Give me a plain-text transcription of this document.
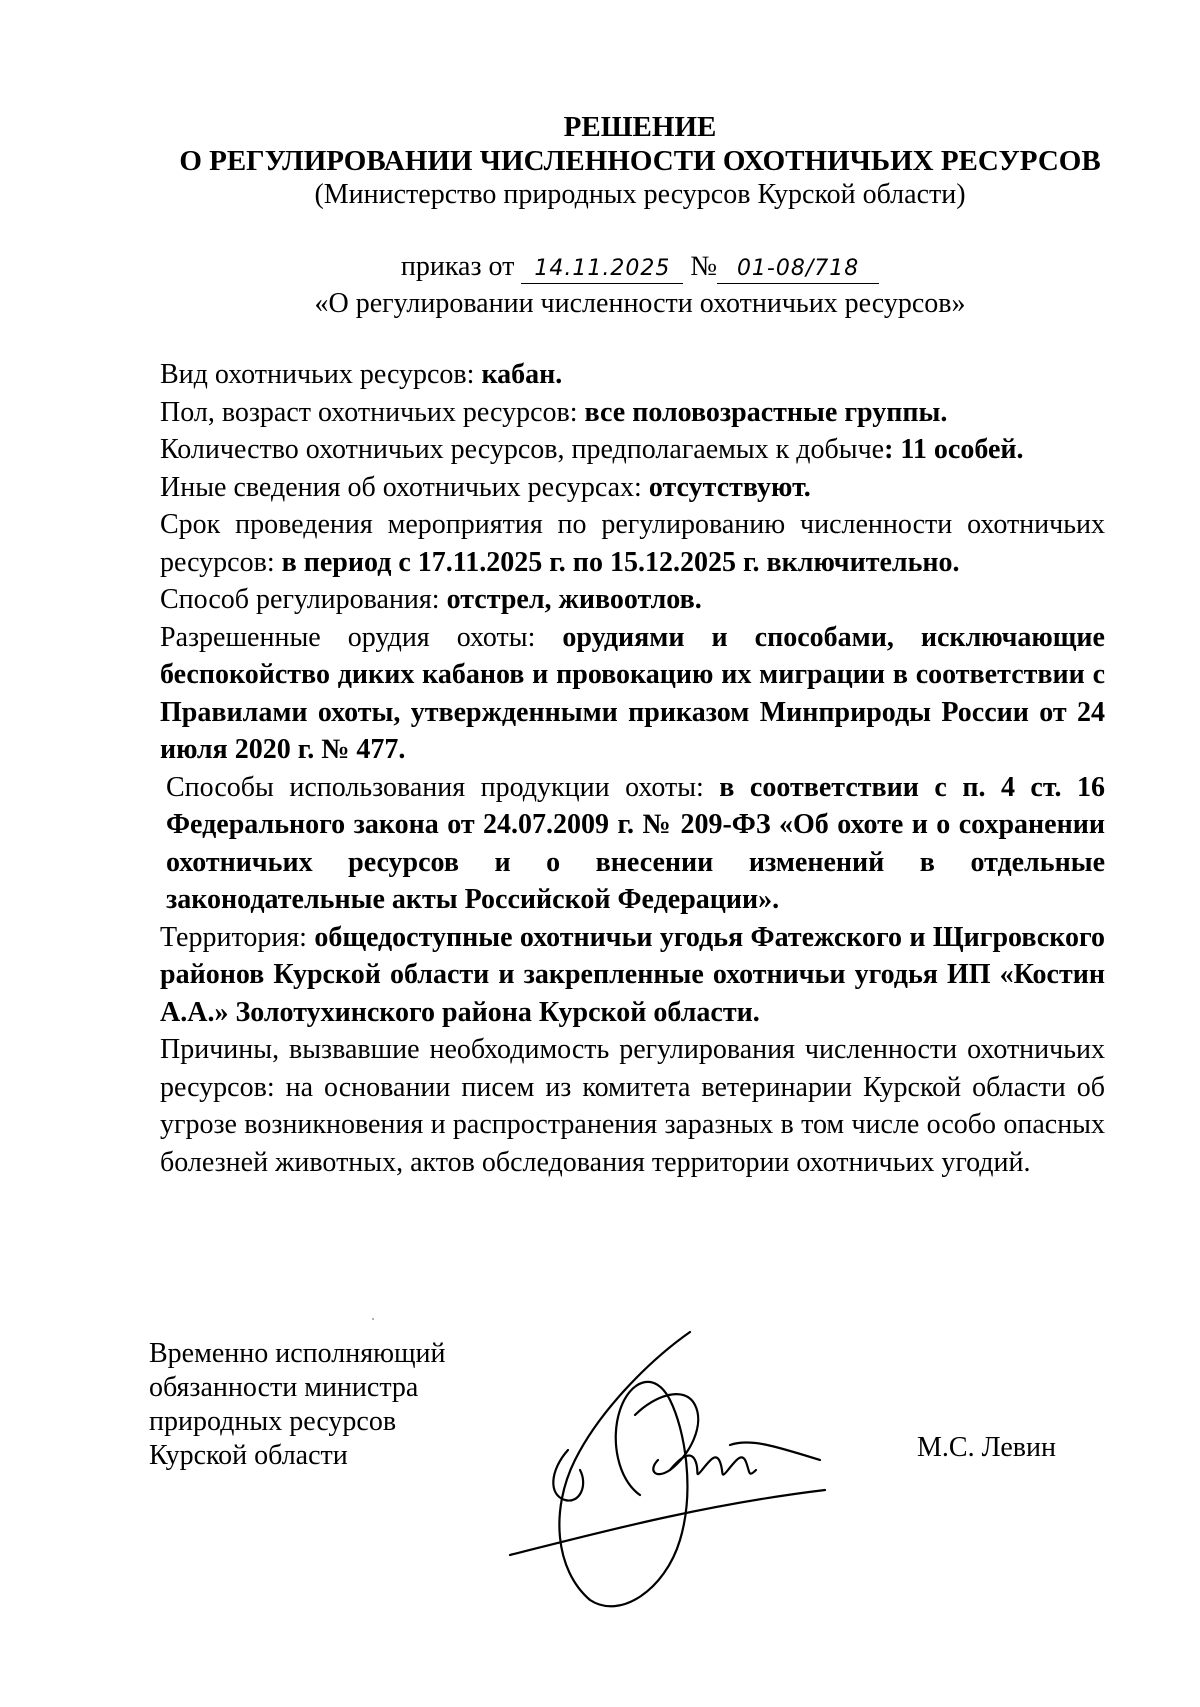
РЕШЕНИЕ
О РЕГУЛИРОВАНИИ ЧИСЛЕННОСТИ ОХОТНИЧЬИХ РЕСУРСОВ
(Министерство природных ресурсов Курской области)
приказ от 14.11.2025 № 01-08/718
«О регулировании численности охотничьих ресурсов»

Вид охотничьих ресурсов: кабан.

Пол, возраст охотничьих ресурсов: все половозрастные группы.

Количество охотничьих ресурсов, предполагаемых к добыче: 11 особей.

Иные сведения об охотничьих ресурсах: отсутствуют.

Срок проведения мероприятия по регулированию численности охотничьих ресурсов: в период с 17.11.2025 г. по 15.12.2025 г. включительно.

Способ регулирования: отстрел, живоотлов.

Разрешенные орудия охоты: орудиями и способами, исключающие беспокойство диких кабанов и провокацию их миграции в соответствии с Правилами охоты, утвержденными приказом Минприроды России от 24 июля 2020 г. № 477.

Способы использования продукции охоты: в соответствии с п. 4 ст. 16 Федерального закона от 24.07.2009 г. № 209-ФЗ «Об охоте и о сохранении охотничьих ресурсов и о внесении изменений в отдельные законодательные акты Российской Федерации».

Территория: общедоступные охотничьи угодья Фатежского и Щигровского районов Курской области и закрепленные охотничьи угодья ИП «Костин А.А.» Золотухинского района Курской области.

Причины, вызвавшие необходимость регулирования численности охотничьих ресурсов: на основании писем из комитета ветеринарии Курской области об угрозе возникновения и распространения заразных в том числе особо опасных болезней животных, актов обследования территории охотничьих угодий.

Временно исполняющий
обязанности министра
природных ресурсов
Курской области	М.С. Левин
